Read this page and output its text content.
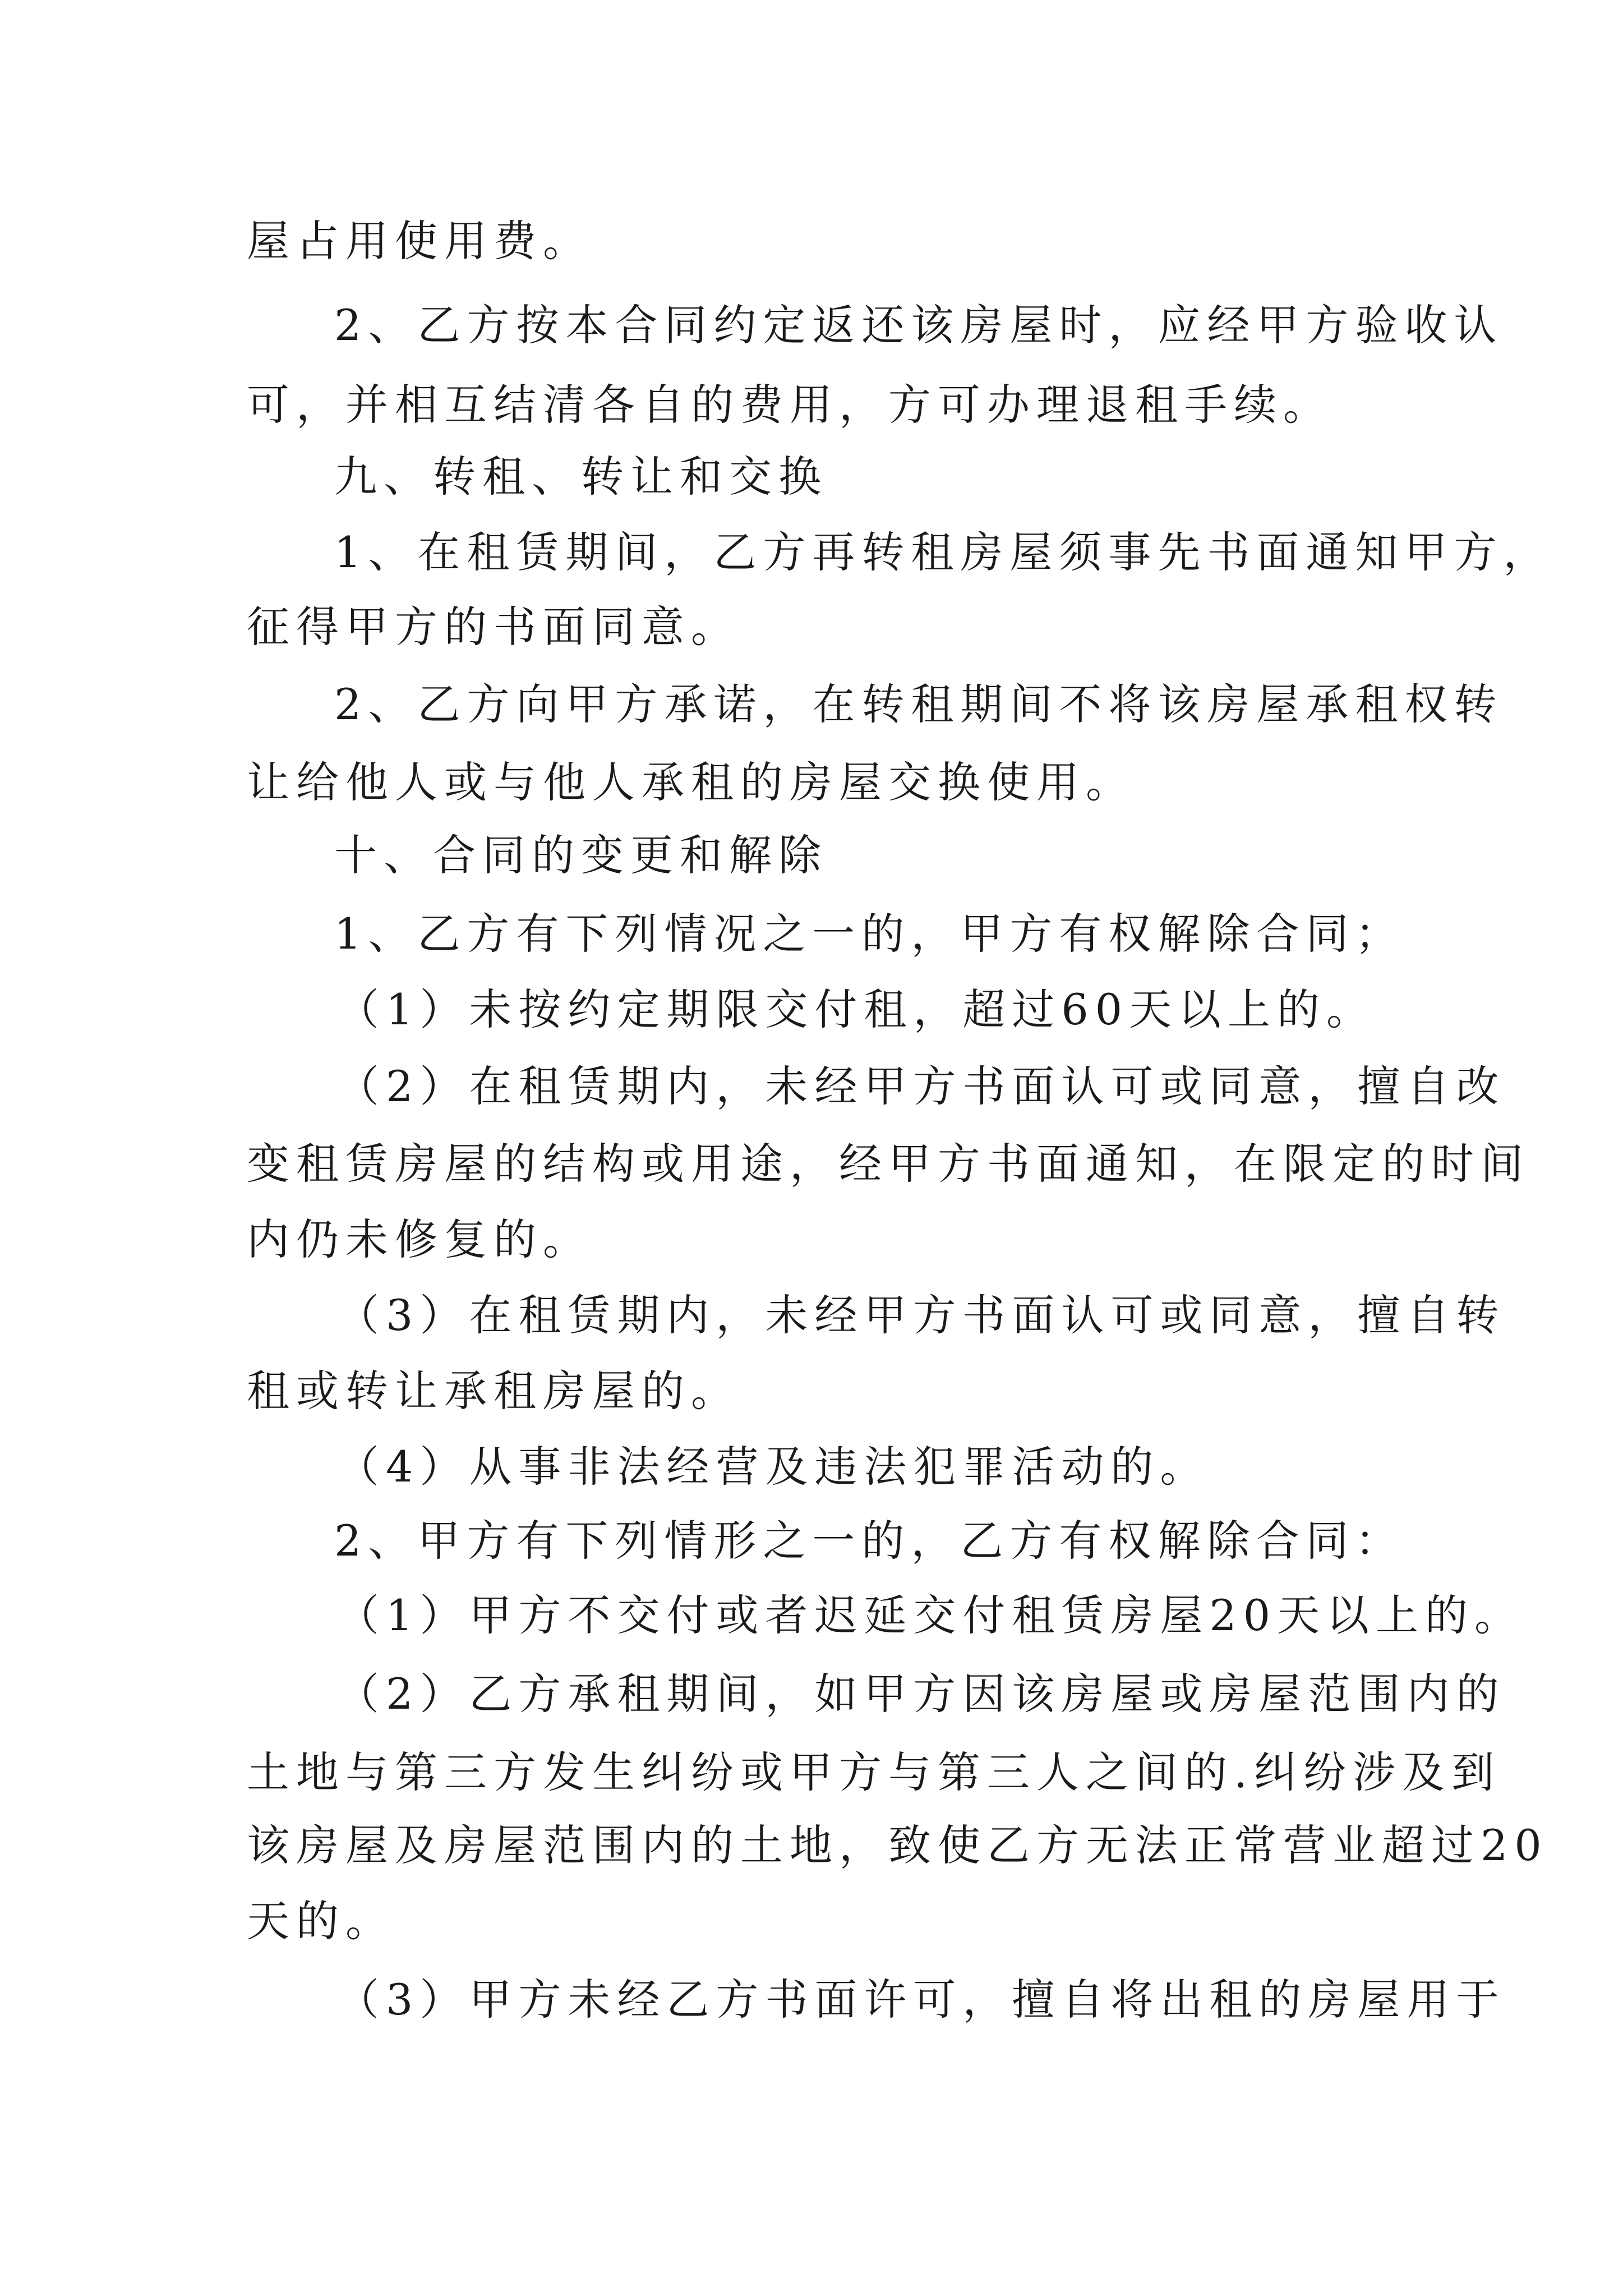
屋占用使用费。

2、乙方按本合同约定返还该房屋时，应经甲方验收认

可，并相互结清各自的费用，方可办理退租手续。

九、转租、转让和交换

1、在租赁期间，乙方再转租房屋须事先书面通知甲方，

征得甲方的书面同意。

2、乙方向甲方承诺，在转租期间不将该房屋承租权转

让给他人或与他人承租的房屋交换使用。

十、合同的变更和解除

1、乙方有下列情况之一的，甲方有权解除合同；

（1）未按约定期限交付租，超过60天以上的。

（2）在租赁期内，未经甲方书面认可或同意，擅自改

变租赁房屋的结构或用途，经甲方书面通知，在限定的时间

内仍未修复的。

（3）在租赁期内，未经甲方书面认可或同意，擅自转

租或转让承租房屋的。

（4）从事非法经营及违法犯罪活动的。

2、甲方有下列情形之一的，乙方有权解除合同：

（1）甲方不交付或者迟延交付租赁房屋20天以上的。

（2）乙方承租期间，如甲方因该房屋或房屋范围内的

土地与第三方发生纠纷或甲方与第三人之间的.纠纷涉及到

该房屋及房屋范围内的土地，致使乙方无法正常营业超过20

天的。

（3）甲方未经乙方书面许可，擅自将出租的房屋用于
